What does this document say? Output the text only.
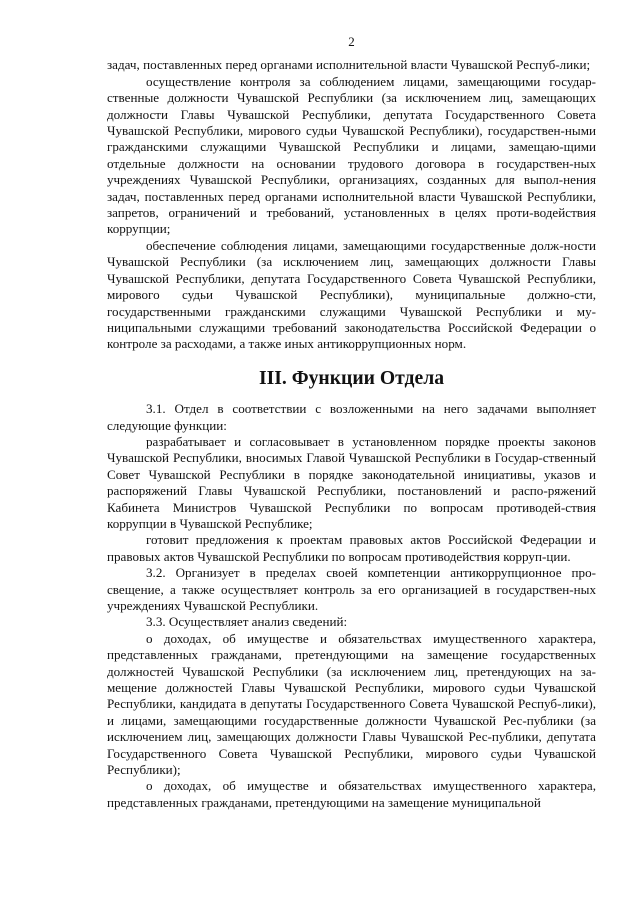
2

задач, поставленных перед органами исполнительной власти Чувашской Респуб-лики;

осуществление контроля за соблюдением лицами, замещающими государ-ственные должности Чувашской Республики (за исключением лиц, замещающих должности Главы Чувашской Республики, депутата Государственного Совета Чувашской Республики, мирового судьи Чувашской Республики), государствен-ными гражданскими служащими Чувашской Республики и лицами, замещаю-щими отдельные должности на основании трудового договора в государствен-ных учреждениях Чувашской Республики, организациях, созданных для выпол-нения задач, поставленных перед органами исполнительной власти Чувашской Республики, запретов, ограничений и требований, установленных в целях проти-водействия коррупции;

обеспечение соблюдения лицами, замещающими государственные долж-ности Чувашской Республики (за исключением лиц, замещающих должности Главы Чувашской Республики, депутата Государственного Совета Чувашской Республики, мирового судьи Чувашской Республики), муниципальные должно-сти, государственными гражданскими служащими Чувашской Республики и му-ниципальными служащими требований законодательства Российской Федерации о контроле за расходами, а также иных антикоррупционных норм.

III. Функции Отдела

3.1. Отдел в соответствии с возложенными на него задачами выполняет следующие функции:

разрабатывает и согласовывает в установленном порядке проекты законов Чувашской Республики, вносимых Главой Чувашской Республики в Государ-ственный Совет Чувашской Республики в порядке законодательной инициативы, указов и распоряжений Главы Чувашской Республики, постановлений и распо-ряжений Кабинета Министров Чувашской Республики по вопросам противодей-ствия коррупции в Чувашской Республике;

готовит предложения к проектам правовых актов Российской Федерации и правовых актов Чувашской Республики по вопросам противодействия корруп-ции.

3.2. Организует в пределах своей компетенции антикоррупционное про-свещение, а также осуществляет контроль за его организацией в государствен-ных учреждениях Чувашской Республики.

3.3. Осуществляет анализ сведений:

о доходах, об имуществе и обязательствах имущественного характера, представленных гражданами, претендующими на замещение государственных должностей Чувашской Республики (за исключением лиц, претендующих на за-мещение должностей Главы Чувашской Республики, мирового судьи Чувашской Республики, кандидата в депутаты Государственного Совета Чувашской Респуб-лики), и лицами, замещающими государственные должности Чувашской Рес-публики (за исключением лиц, замещающих должности Главы Чувашской Рес-публики, депутата Государственного Совета Чувашской Республики, мирового судьи Чувашской Республики);

о доходах, об имуществе и обязательствах имущественного характера, представленных гражданами, претендующими на замещение муниципальной
